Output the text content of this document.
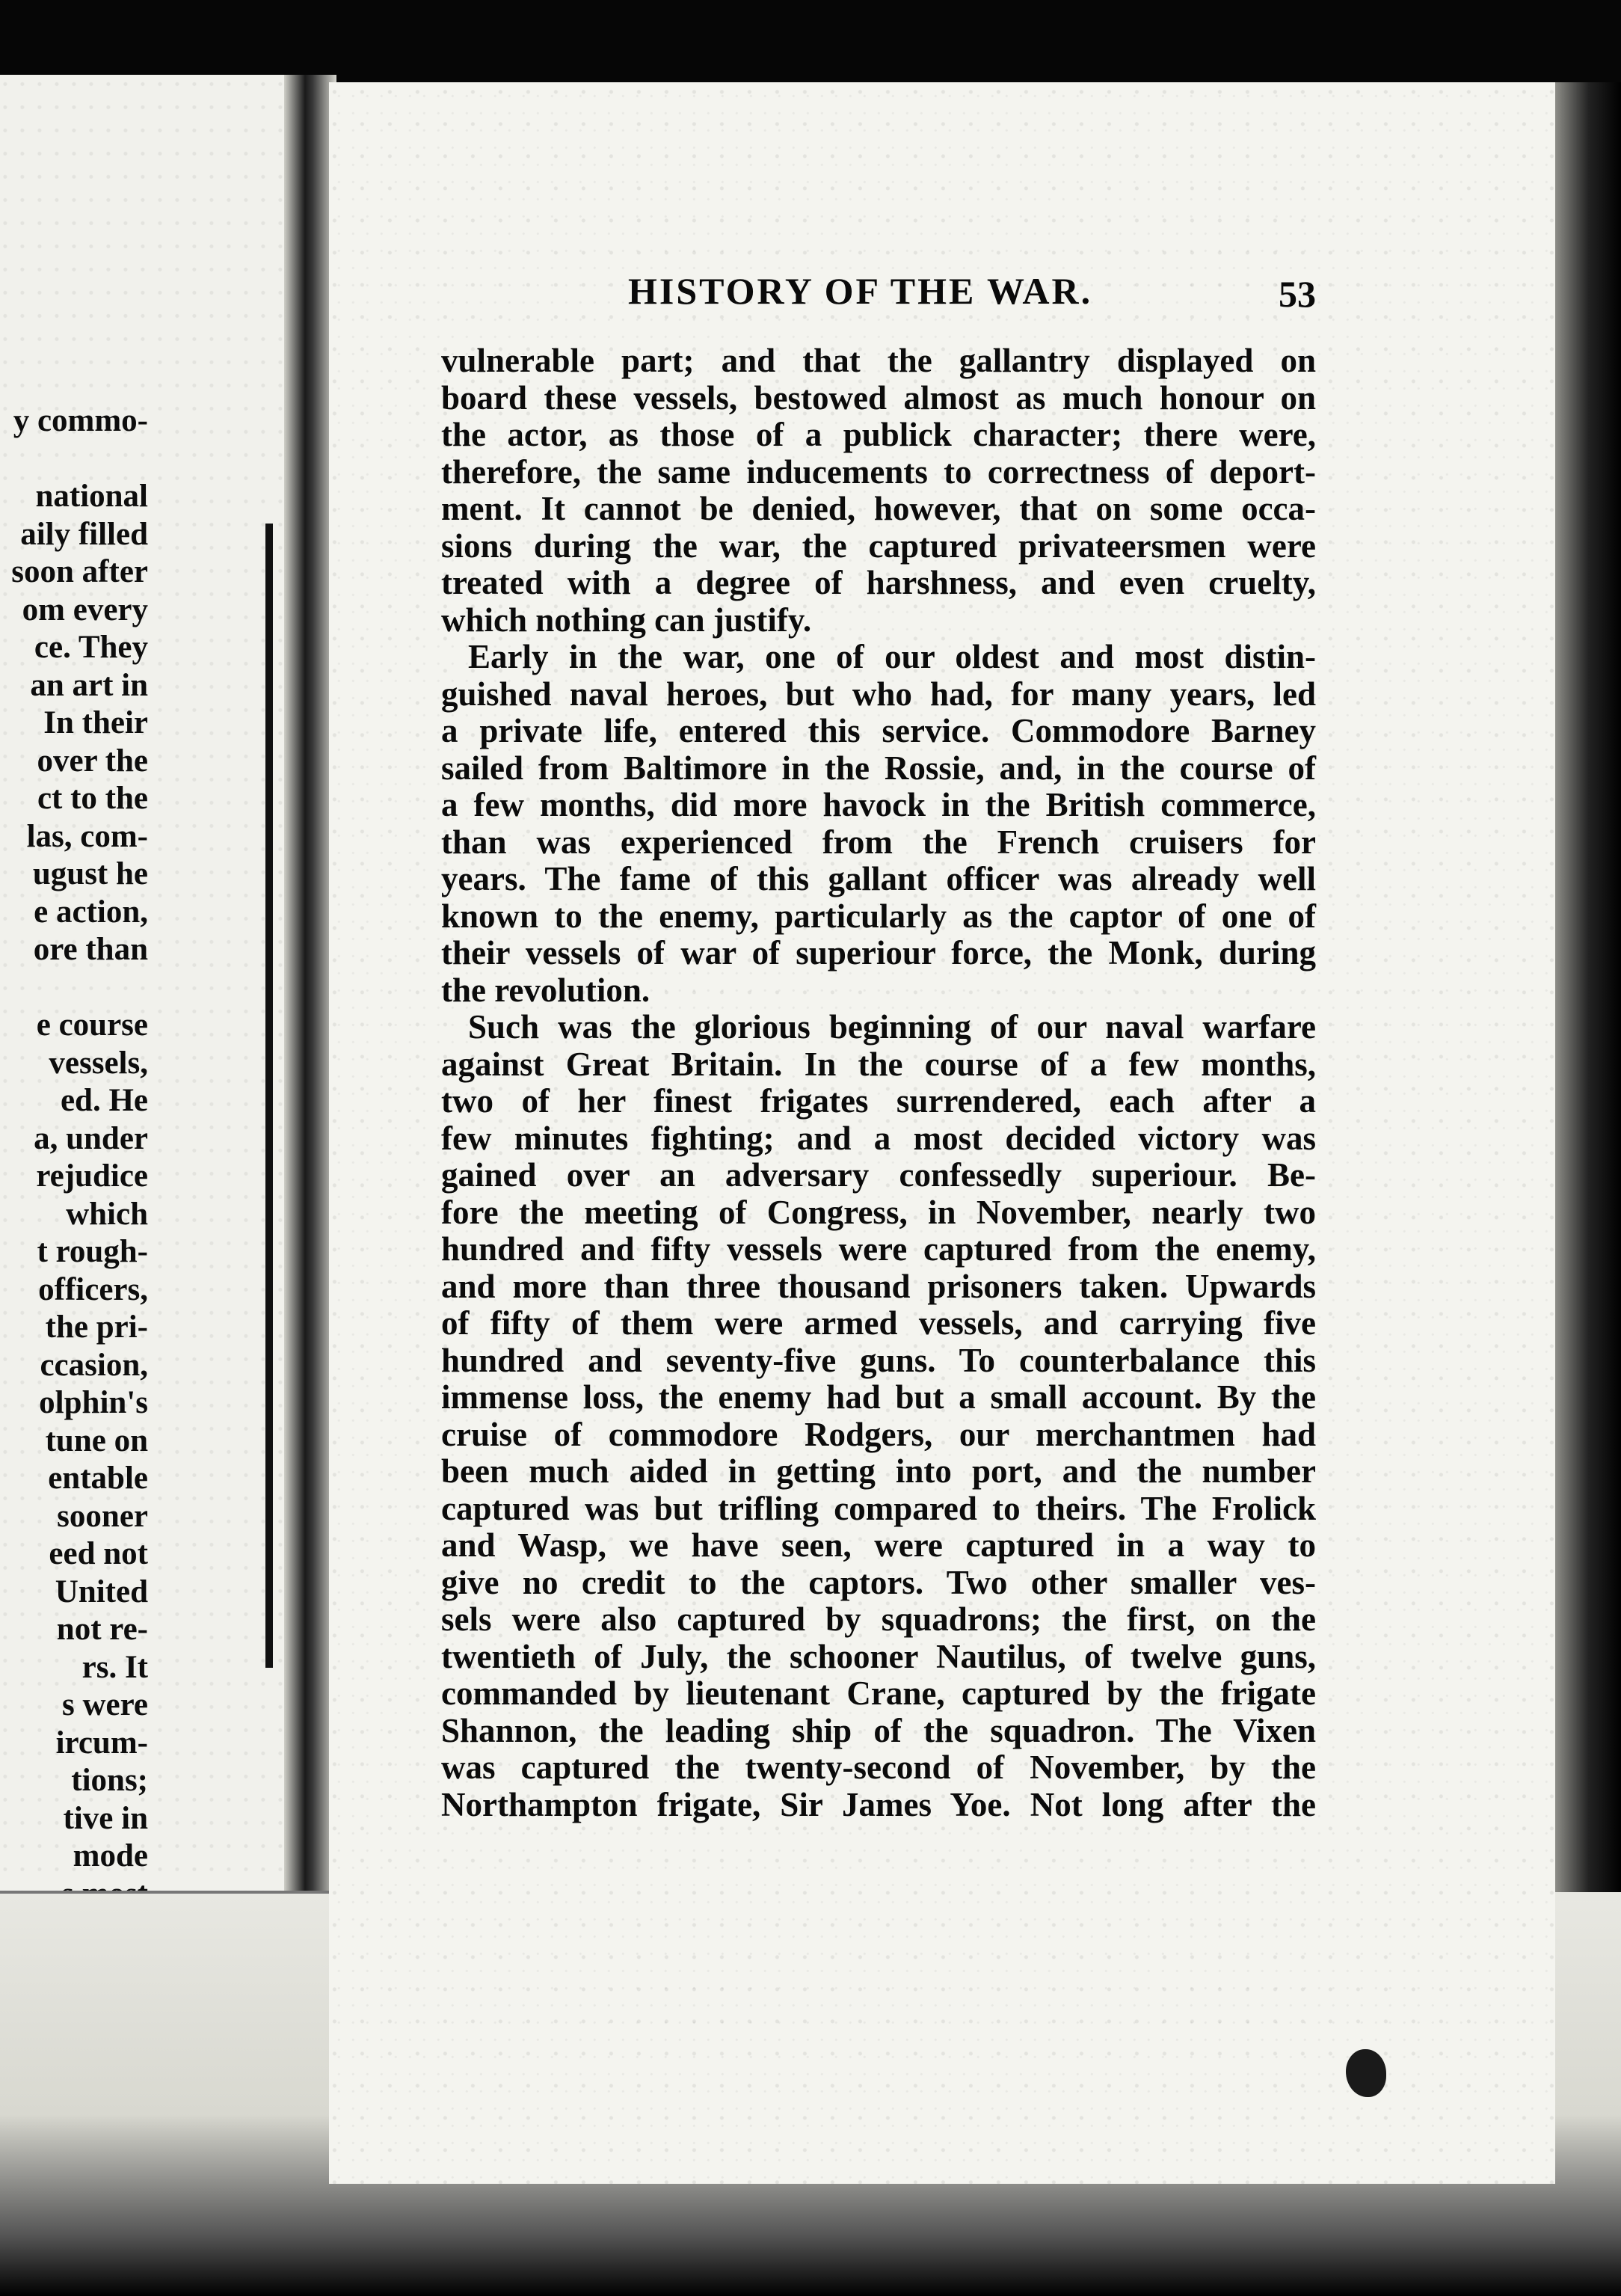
y commo-
national
aily filled
soon after
om every
ce. They
an art in
In their
over the
ct to the
las, com-
ugust he
e action,
ore than
e course
vessels,
ed. He
a, under
rejudice
which
t rough-
officers,
the pri-
ccasion,
olphin's
tune on
entable
sooner
eed not
United
not re-
rs. It
s were
ircum-
tions;
tive in
mode
HISTORY OF THE WAR.	53
vulnerable part; and that the gallantry displayed on
board these vessels, bestowed almost as much honour on
the actor, as those of a publick character; there were,
therefore, the same inducements to correctness of deport-
ment. It cannot be denied, however, that on some occa-
sions during the war, the captured privateersmen were
treated with a degree of harshness, and even cruelty,
which nothing can justify.
Early in the war, one of our oldest and most distin-
guished naval heroes, but who had, for many years, led
a private life, entered this service. Commodore Barney
sailed from Baltimore in the Rossie, and, in the course of
a few months, did more havock in the British commerce,
than was experienced from the French cruisers for
years. The fame of this gallant officer was already well
known to the enemy, particularly as the captor of one of
their vessels of war of superiour force, the Monk, during
the revolution.
Such was the glorious beginning of our naval warfare
against Great Britain. In the course of a few months,
two of her finest frigates surrendered, each after a
few minutes fighting; and a most decided victory was
gained over an adversary confessedly superiour. Be-
fore the meeting of Congress, in November, nearly two
hundred and fifty vessels were captured from the enemy,
and more than three thousand prisoners taken. Upwards
of fifty of them were armed vessels, and carrying five
hundred and seventy-five guns. To counterbalance this
immense loss, the enemy had but a small account. By the
cruise of commodore Rodgers, our merchantmen had
been much aided in getting into port, and the number
captured was but trifling compared to theirs. The Frolick
and Wasp, we have seen, were captured in a way to
give no credit to the captors. Two other smaller ves-
sels were also captured by squadrons; the first, on the
twentieth of July, the schooner Nautilus, of twelve guns,
commanded by lieutenant Crane, captured by the frigate
Shannon, the leading ship of the squadron. The Vixen
was captured the twenty-second of November, by the
Northampton frigate, Sir James Yoe. Not long after the
